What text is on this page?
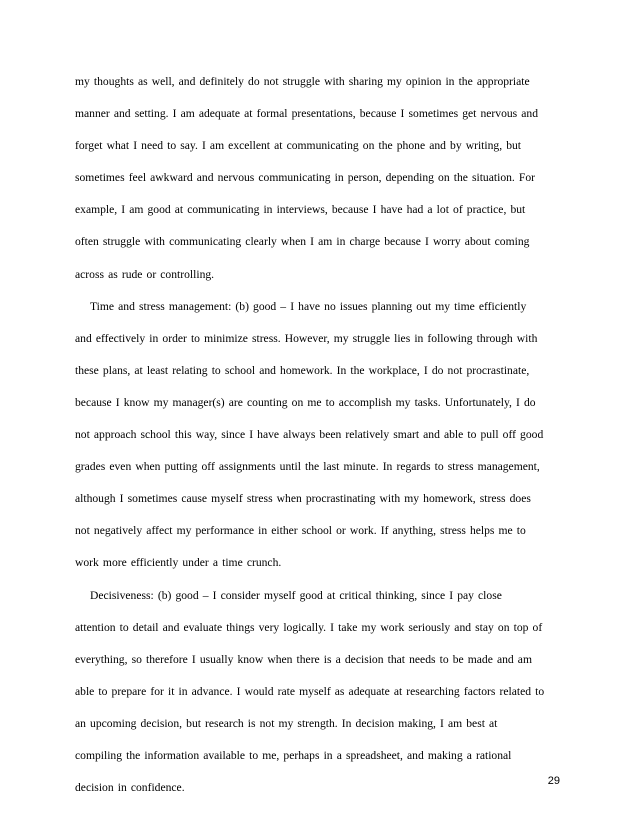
my thoughts as well, and definitely do not struggle with sharing my opinion in the appropriate
manner and setting. I am adequate at formal presentations, because I sometimes get nervous and
forget what I need to say. I am excellent at communicating on the phone and by writing, but
sometimes feel awkward and nervous communicating in person, depending on the situation. For
example, I am good at communicating in interviews, because I have had a lot of practice, but
often struggle with communicating clearly when I am in charge because I worry about coming
across as rude or controlling.
Time and stress management: (b) good – I have no issues planning out my time efficiently
and effectively in order to minimize stress. However, my struggle lies in following through with
these plans, at least relating to school and homework. In the workplace, I do not procrastinate,
because I know my manager(s) are counting on me to accomplish my tasks. Unfortunately, I do
not approach school this way, since I have always been relatively smart and able to pull off good
grades even when putting off assignments until the last minute. In regards to stress management,
although I sometimes cause myself stress when procrastinating with my homework, stress does
not negatively affect my performance in either school or work. If anything, stress helps me to
work more efficiently under a time crunch.
Decisiveness: (b) good – I consider myself good at critical thinking, since I pay close
attention to detail and evaluate things very logically. I take my work seriously and stay on top of
everything, so therefore I usually know when there is a decision that needs to be made and am
able to prepare for it in advance. I would rate myself as adequate at researching factors related to
an upcoming decision, but research is not my strength. In decision making, I am best at
compiling the information available to me, perhaps in a spreadsheet, and making a rational
decision in confidence.
29
